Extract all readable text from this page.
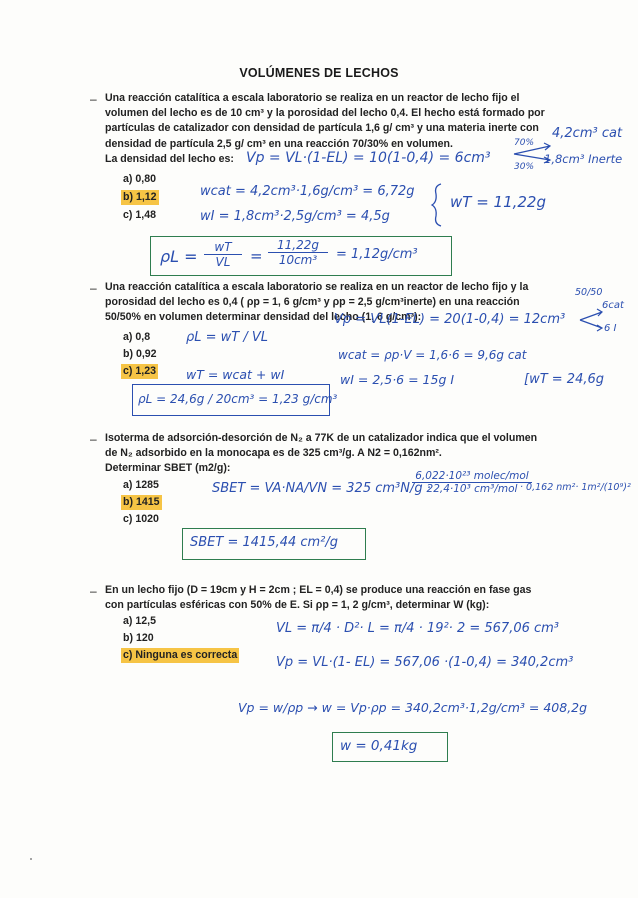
VOLÚMENES DE LECHOS
– Una reacción catalítica a escala laboratorio se realiza en un reactor de lecho fijo el
volumen del lecho es de 10 cm³ y la porosidad del lecho 0,4. El hecho está formado por
partículas de catalizador con densidad de partícula 1,6 g/ cm³ y una materia inerte con
densidad de partícula 2,5 g/ cm³ en una reacción 70/30% en volumen.
La densidad del lecho es:
a) 0,80
b) 1,12
c) 1,48
Vp = VL·(1-EL) = 10(1-0,4) = 6cm³
70%
30%
4,2cm³ cat
1,8cm³ Inerte
wcat = 4,2cm³·1,6g/cm³ = 6,72g
wI = 1,8cm³·2,5g/cm³ = 4,5g
wT = 11,22g
ρL =	wT
VL	=
11,22g
10cm³	= 1,12g/cm³
– Una reacción catalítica a escala laboratorio se realiza en un reactor de lecho fijo y la
porosidad del lecho es 0,4 ( ρp = 1, 6 g/cm³ y ρp = 2,5 g/cm³inerte) en una reacción
50/50% en volumen determinar densidad del lecho (1, 6 g/cm³):
a) 0,8
b) 0,92
c) 1,23
50/50
6cat
6 I
ρL = wT / VL
wT = wcat + wI
Vp = VL(1-EL) = 20(1-0,4) = 12cm³
wcat = ρp·V = 1,6·6 = 9,6g cat
wI = 2,5·6 = 15g I	[wT = 24,6g
ρL = 24,6g / 20cm³ = 1,23 g/cm³
– Isoterma de adsorción-desorción de N₂ a 77K de un catalizador indica que el volumen
de N₂ adsorbido en la monocapa es de 325 cm³/g. A N2 = 0,162nm².
Determinar SBET (m2/g):
a) 1285
b) 1415
c) 1020
SBET = VA·NA/VN = 325 cm³N/g ·
6,022·10²³ molec/mol
22,4·10³ cm³/mol · 0,162 nm²· 1m²/(10⁹)²
SBET = 1415,44 cm²/g
– En un lecho fijo (D = 19cm y H = 2cm ; EL = 0,4) se produce una reacción en fase gas
con partículas esféricas con 50% de E. Si ρp = 1, 2 g/cm³, determinar W (kg):
a) 12,5
b) 120
c) Ninguna es correcta
VL = π/4 · D²· L = π/4 · 19²· 2 = 567,06 cm³
Vp = VL·(1- EL) = 567,06 ·(1-0,4) = 340,2cm³
Vp = w/ρp → w = Vp·ρp = 340,2cm³·1,2g/cm³ = 408,2g
w = 0,41kg
